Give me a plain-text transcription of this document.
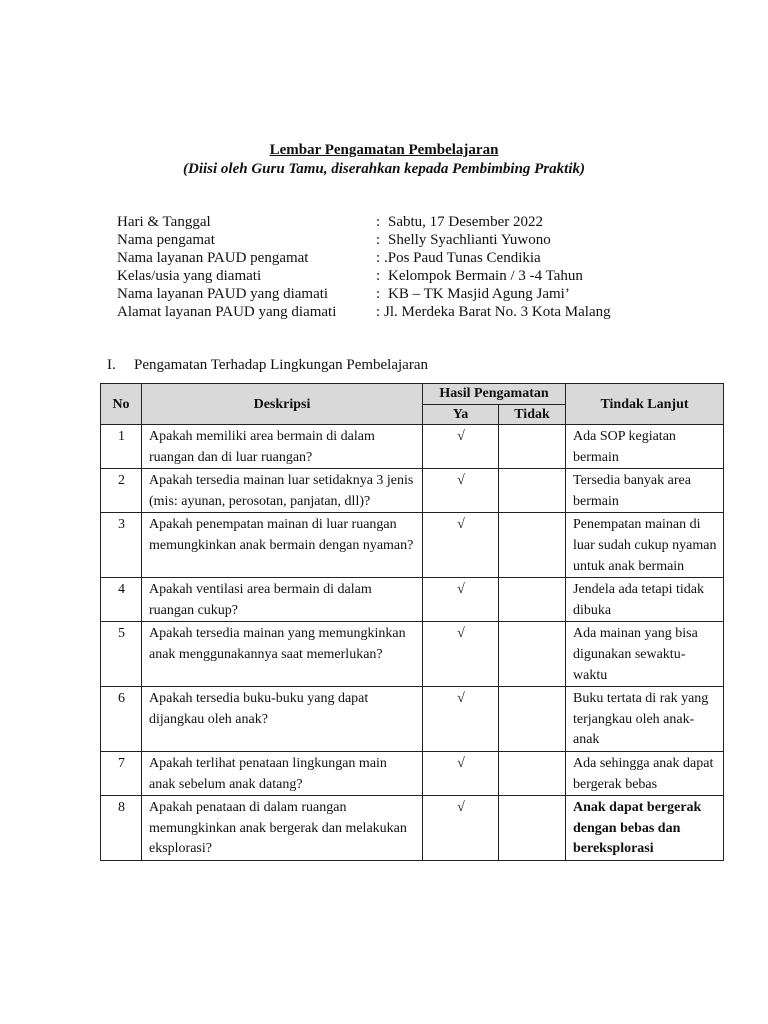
Lembar Pengamatan Pembelajaran
(Diisi oleh Guru Tamu, diserahkan kepada Pembimbing Praktik)
Hari & Tanggal	: Sabtu, 17 Desember 2022
Nama pengamat	: Shelly Syachlianti Yuwono
Nama layanan PAUD pengamat	: .Pos Paud Tunas Cendikia
Kelas/usia yang diamati	: Kelompok Bermain / 3 -4 Tahun
Nama layanan PAUD yang diamati	: KB – TK Masjid Agung Jami’
Alamat layanan PAUD yang diamati	: Jl. Merdeka Barat No. 3 Kota Malang
I.	Pengamatan Terhadap Lingkungan Pembelajaran
No	Deskripsi	Hasil Pengamatan		Tindak Lanjut
		Ya	Tidak	
1	Apakah memiliki area bermain di dalam ruangan dan di luar ruangan?	√		Ada SOP kegiatan bermain
2	Apakah tersedia mainan luar setidaknya 3 jenis (mis: ayunan, perosotan, panjatan, dll)?	√		Tersedia banyak area bermain
3	Apakah penempatan mainan di luar ruangan memungkinkan anak bermain dengan nyaman?	√		Penempatan mainan di luar sudah cukup nyaman untuk anak bermain
4	Apakah ventilasi area bermain di dalam ruangan cukup?	√		Jendela ada tetapi tidak dibuka
5	Apakah tersedia mainan yang memungkinkan anak menggunakannya saat memerlukan?	√		Ada mainan yang bisa digunakan sewaktu-waktu
6	Apakah tersedia buku-buku yang dapat dijangkau oleh anak?	√		Buku tertata di rak yang terjangkau oleh anak-anak
7	Apakah terlihat penataan lingkungan main anak sebelum anak datang?	√		Ada sehingga anak dapat bergerak bebas
8	Apakah penataan di dalam ruangan memungkinkan anak bergerak dan melakukan eksplorasi?	√		Anak dapat bergerak dengan bebas dan bereksplorasi
